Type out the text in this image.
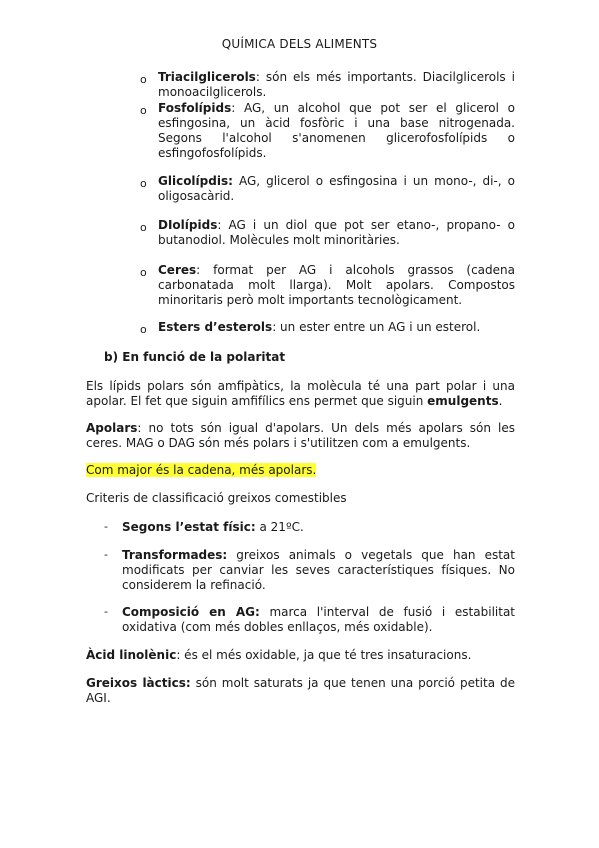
QUÍMICA DELS ALIMENTS
o Triacilglicerols: són els més importants. Diacilglicerols i monoacilglicerols.
o Fosfolípids: AG, un alcohol que pot ser el glicerol o esfingosina, un àcid fosfòric i una base nitrogenada. Segons l'alcohol s'anomenen glicerofosfolípids o esfingofosfolípids.
o Glicolípdis: AG, glicerol o esfingosina i un mono-, di-, o oligosacàrid.
o DIolípids: AG i un diol que pot ser etano-, propano- o butanodiol. Molècules molt minoritàries.
o Ceres: format per AG i alcohols grassos (cadena carbonatada molt llarga). Molt apolars. Compostos minoritaris però molt importants tecnològicament.
o Esters d’esterols: un ester entre un AG i un esterol.
b) En funció de la polaritat
Els lípids polars són amfipàtics, la molècula té una part polar i una apolar. El fet que siguin amfifílics ens permet que siguin emulgents.
Apolars: no tots són igual d'apolars. Un dels més apolars són les ceres. MAG o DAG són més polars i s'utilitzen com a emulgents.
Com major és la cadena, més apolars.
Criteris de classificació greixos comestibles
- Segons l’estat físic: a 21ºC.
- Transformades: greixos animals o vegetals que han estat modificats per canviar les seves característiques físiques. No considerem la refinació.
- Composició en AG: marca l'interval de fusió i estabilitat oxidativa (com més dobles enllaços, més oxidable).
Àcid linolènic: és el més oxidable, ja que té tres insaturacions.
Greixos làctics: són molt saturats ja que tenen una porció petita de AGI.
